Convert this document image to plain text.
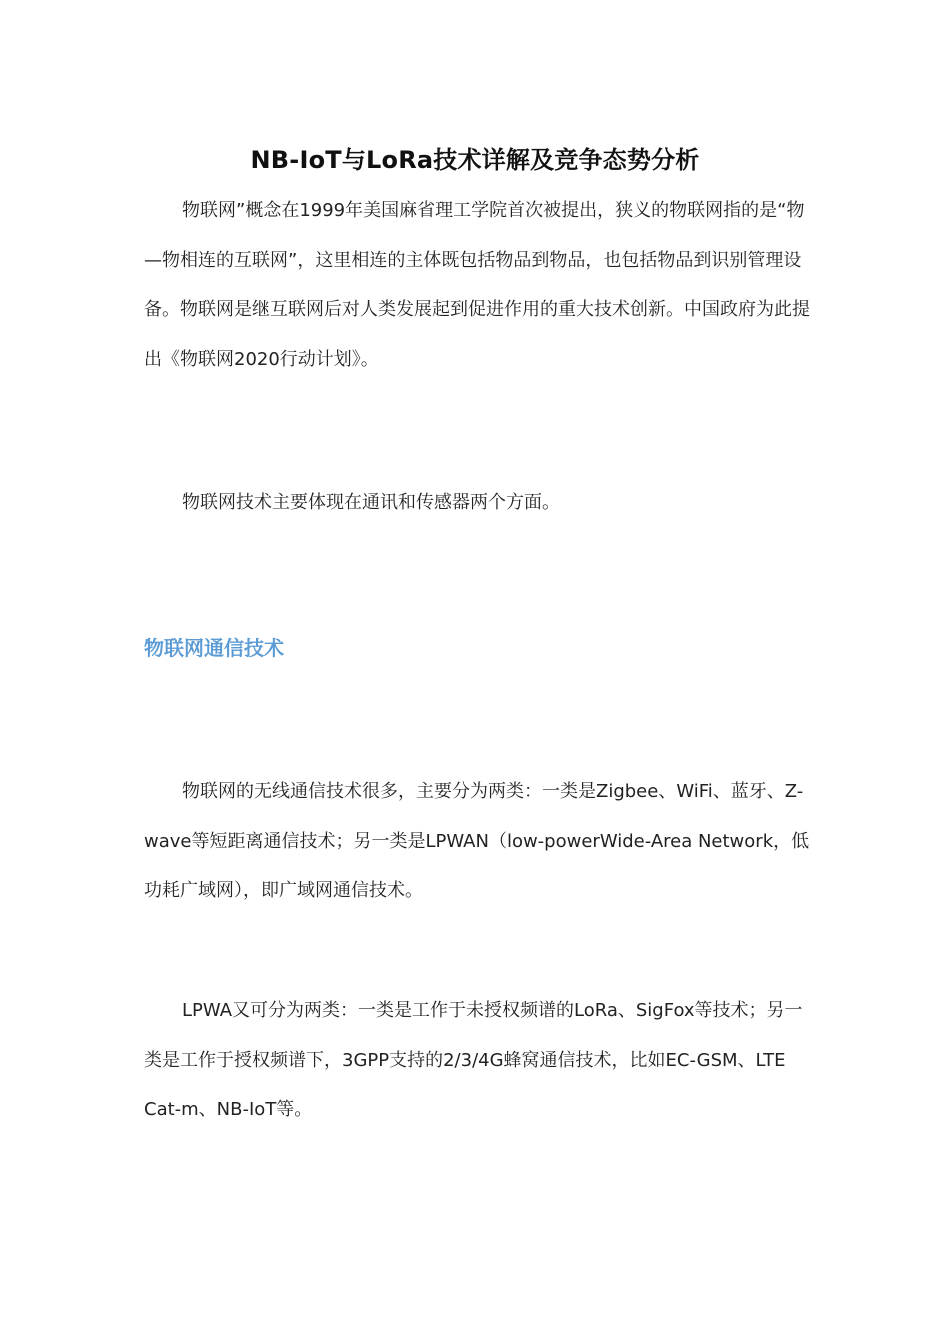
NB-IoT与LoRa技术详解及竞争态势分析

物联网”概念在1999年美国麻省理工学院首次被提出，狭义的物联网指的是“物—物相连的互联网”，这里相连的主体既包括物品到物品，也包括物品到识别管理设备。物联网是继互联网后对人类发展起到促进作用的重大技术创新。中国政府为此提出《物联网2020行动计划》。

物联网技术主要体现在通讯和传感器两个方面。

物联网通信技术

物联网的无线通信技术很多，主要分为两类：一类是Zigbee、WiFi、蓝牙、Z-wave等短距离通信技术；另一类是LPWAN（low-powerWide-Area Network，低功耗广域网），即广域网通信技术。

LPWA又可分为两类：一类是工作于未授权频谱的LoRa、SigFox等技术；另一类是工作于授权频谱下，3GPP支持的2/3/4G蜂窝通信技术，比如EC-GSM、LTE Cat-m、NB-IoT等。
